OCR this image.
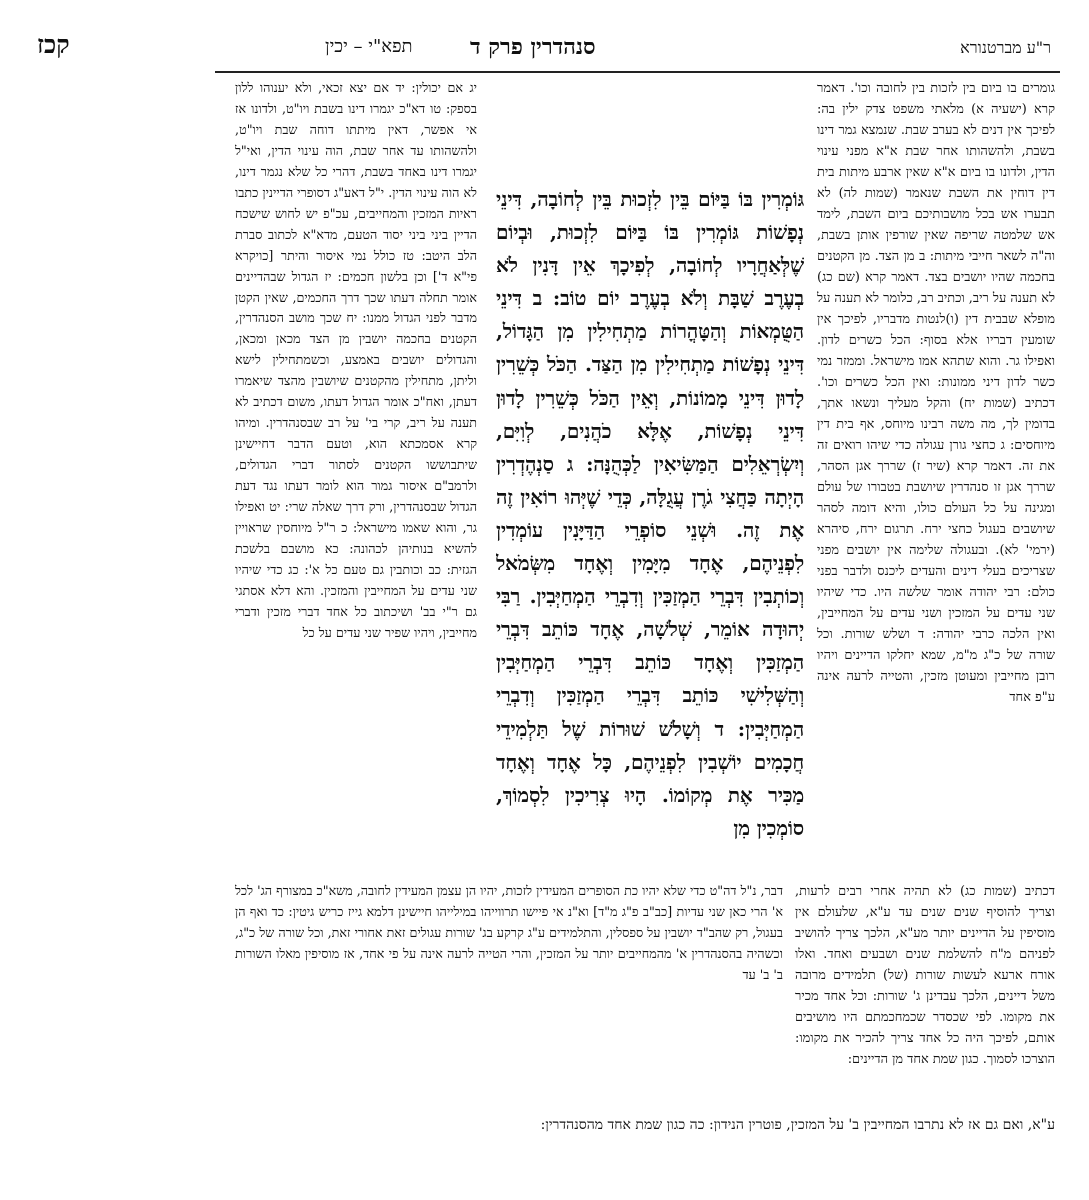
ר"ע מברטנורא
סנהדרין פרק ד
תפא"י – יכין
קכז

גומרים בו ביום בין לזכות בין לחובה וכו'. דאמר קרא (ישעיה א) מלאתי משפט צדק ילין בה: לפיכך אין דנים לא בערב שבת. שנמצא גמר דינו בשבת, ולהשהותו אחר שבת א"א מפני עינוי הדין, ולדונו בו ביום א"א שאין ארבע מיתות בית דין דוחין את השבת שנאמר (שמות לה) לא תבערו אש בכל מושבותיכם ביום השבת, לימד אש שלמטה שריפה שאין שורפין אותן בשבת, וה"ה לשאר חייבי מיתות: ב מן הצד. מן הקטנים בחכמה שהיו יושבים בצד. דאמר קרא (שם כג) לא תענה על ריב, וכתיב רב, כלומר לא תענה על מופלא שבבית דין (ו)לנטות מדבריו, לפיכך אין שומעין דבריו אלא בסוף: הכל כשרים לדון. ואפילו גר. והוא שתהא אמו מישראל. וממזר נמי כשר לדון דיני ממונות: ואין הכל כשרים וכו'. דכתיב (שמות יח) והקל מעליך ונשאו אתך, בדומין לך, מה משה רבינו מיוחס, אף בית דין מיוחסים: ג כחצי גורן עגולה כדי שיהו רואים זה את זה. דאמר קרא (שיר ז) שררך אגן הסהר, שררך אגן זו סנהדרין שיושבת בטבורו של עולם ומגינה על כל העולם כולו, והיא דומה לסהר שיושבים בעגול כחצי ירח. תרגום ירח, סיהרא (ירמי' לא). ובעגולה שלימה אין יושבים מפני שצריכים בעלי דינים והעדים ליכנס ולדבר בפני כולם: רבי יהודה אומר שלשה היו. כדי שיהיו שני עדים על המזכין ושני עדים על המחייבין, ואין הלכה כרבי יהודה: ד ושלש שורות. וכל שורה של כ"ג מ"מ, שמא יחלקו הדיינים ויהיו רובן מחייבין ומעוטן מזכין, והטייה לרעה אינה ע"פ אחד

גּוֹמְרִין בּוֹ בַּיּוֹם בֵּין לִזְכוּת בֵּין לְחוֹבָה, דִּינֵי נְפָשׁוֹת גּוֹמְרִין בּוֹ בַּיּוֹם לִזְכוּת, וּבְיוֹם שֶׁלְּאַחֲרָיו לְחוֹבָה, לְפִיכָךְ אֵין דָּנִין לֹא בְעֶרֶב שַׁבָּת וְלֹא בְעֶרֶב יוֹם טוֹב: ב דִּינֵי הַטֻּמְאוֹת וְהַטָּהֳרוֹת מַתְחִילִין מִן הַגָּדוֹל, דִּינֵי נְפָשׁוֹת מַתְחִילִין מִן הַצַּד. הַכֹּל כְּשֵׁרִין לָדוּן דִּינֵי מָמוֹנוֹת, וְאֵין הַכֹּל כְּשֵׁרִין לָדוּן דִּינֵי נְפָשׁוֹת, אֶלָּא כֹהֲנִים, לְוִיִּם, וְיִשְׂרְאֵלִים הַמַּשִּׂיאִין לַכְּהֻנָּה: ג סַנְהֶדְרִין הָיְתָה כַּחֲצִי גֹרֶן עֲגֻלָּה, כְּדֵי שֶׁיְּהוּ רוֹאִין זֶה אֶת זֶה. וּשְׁנֵי סוֹפְרֵי הַדַּיָּנִין עוֹמְדִין לִפְנֵיהֶם, אֶחָד מִיָּמִין וְאֶחָד מִשְּׂמֹאל וְכוֹתְבִין דִּבְרֵי הַמְזַכִּין וְדִבְרֵי הַמְחַיְּבִין. רַבִּי יְהוּדָה אוֹמֵר, שְׁלֹשָׁה, אֶחָד כּוֹתֵב דִּבְרֵי הַמְזַכִּין וְאֶחָד כּוֹתֵב דִּבְרֵי הַמְחַיְּבִין וְהַשְּׁלִישִׁי כּוֹתֵב דִּבְרֵי הַמְזַכִּין וְדִבְרֵי הַמְחַיְּבִין: ד וְשָׁלֹשׁ שׁוּרוֹת שֶׁל תַּלְמִידֵי חֲכָמִים יוֹשְׁבִין לִפְנֵיהֶם, כָּל אֶחָד וְאֶחָד מַכִּיר אֶת מְקוֹמוֹ. הָיוּ צְרִיכִין לִסְמוֹךְ, סוֹמְכִין מִן

יג אם יכולין: יד אם יצא זכאי, ולא יענוהו ללון בספק: טו דא"כ יגמרו דינו בשבת ויו"ט, ולדונו אז אי אפשר, דאין מיתתו דוחה שבת ויו"ט, ולהשהותו עד אחר שבת, הוה עינוי הדין, ואי"ל יגמרו דינו באחד בשבת, דהרי כל שלא נגמר דינו, לא הוה עינוי הדין. י"ל דאע"ג דסופרי הדיינין כתבו ראיות המזכין והמחייבים, עכ"פ יש לחוש שישכח הדיין ביני ביני יסוד הטעם, מדא"א לכתוב סברת הלב היטב: טז כולל נמי איסור והיתר [כויקרא פי"א ד'] וכן בלשון חכמים: יז הגדול שבהדיינים אומר תחלה דעתו שכך דרך החכמים, שאין הקטן מדבר לפני הגדול ממנו: יח שכך מושב הסנהדרין, הקטנים בחכמה יושבין מן הצד מכאן ומכאן, והגדולים יושבים באמצע, וכשמתחילין לישא וליתן, מתחילין מהקטנים שיושבין מהצד שיאמרו דעתן, ואח"כ אומר הגדול דעתו, משום דכתיב לא תענה על ריב, קרי בי' על רב שבסנהדרין. ומיהו קרא אסמכתא הוא, וטעם הדבר דחיישינן שיתבוששו הקטנים לסתור דברי הגדולים, ולרמב"ם איסור גמור הוא לומר דעתו נגד דעת הגדול שבסנהדרין, ורק דרך שאלה שרי: יט ואפילו גר, והוא שאמו מישראל: כ ר"ל מיוחסין שראויין להשיא בנותיהן לכהונה: כא מושבם בלשכת הגזית: כב וכותבין גם טעם כל א': כג כדי שיהיו שני עדים על המחייבין והמזכין. והא דלא אסתגי גם ר"י בב' ושיכתוב כל אחד דברי מזכין ודברי מחייבין, ויהיו שפיר שני עדים על כל

דכתיב (שמות כג) לא תהיה אחרי רבים לרעות, וצריך להוסיף שנים שנים עד ע"א, שלעולם אין מוסיפין על הדיינים יותר מע"א, הלכך צריך להושיב לפניהם מ"ח להשלמת שנים ושבעים ואחד. ואלו אורח ארעא לעשות שורות (של) תלמידים מרובה משל דיינים, הלכך עבדינן ג' שורות: וכל אחד מכיר את מקומו. לפי שכסדר שכמחכמתם היו מושיבים אותם, לפיכך היה כל אחד צריך להכיר את מקומו: הוצרכו לסמוך. כגון שמת אחד מן הדיינים:

דבר, נ"ל דה"ט כדי שלא יהיו כת הסופרים המעידין לזכות, יהיו הן עצמן המעידין לחובה, משא"כ במצורף הג' לכל א' הרי כאן שני עדיות [כב"ב פ"ג מ"ד] וא"נ אי פיישו תרווייהו במילייהו חיישינן דלמא גייז כריש גיטין: כד ואף הן בעגול, רק שהב"ד יושבין על ספסלין, והתלמידים ע"ג קרקע בג' שורות עגולים זאת אחורי זאת, וכל שורה של כ"ג, וכשהיה בהסנהדרין א' מהמחייבים יותר על המזכין, והרי הטייה לרעה אינה על פי אחד, אז מוסיפין מאלו השורות ב' ב' עד

ע"א, ואם גם אז לא נתרבו המחייבין ב' על המזכין, פוטרין הנידון: כה כגון שמת אחד מהסנהדרין:
